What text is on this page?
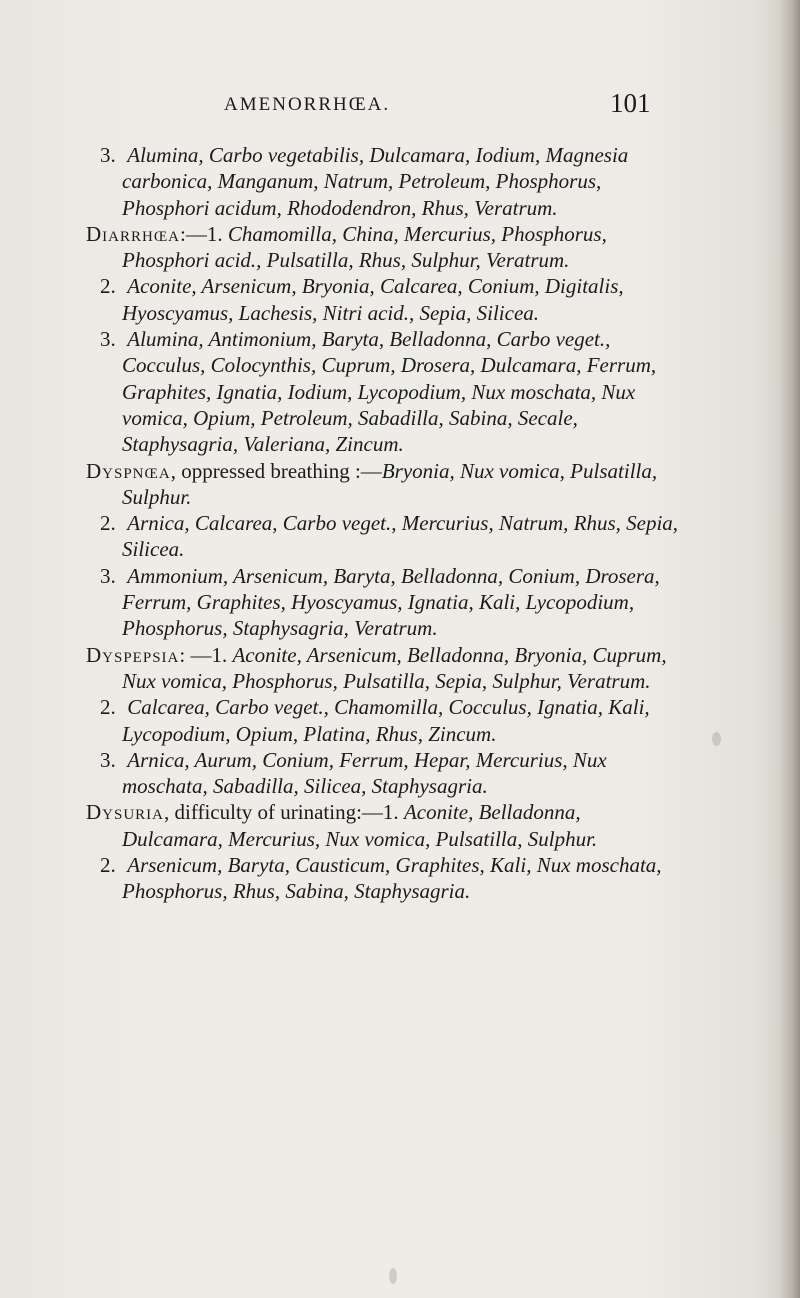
AMENORRHŒA.	101

3. Alumina, Carbo vegetabilis, Dulcamara, Iodium, Magnesia carbonica, Manganum, Natrum, Petroleum, Phosphorus, Phosphori acidum, Rhododendron, Rhus, Veratrum.

Diarrhœa:—1. Chamomilla, China, Mercurius, Phosphorus, Phosphori acid., Pulsatilla, Rhus, Sulphur, Veratrum.

2. Aconite, Arsenicum, Bryonia, Calcarea, Conium, Digitalis, Hyoscyamus, Lachesis, Nitri acid., Sepia, Silicea.

3. Alumina, Antimonium, Baryta, Belladonna, Carbo veget., Cocculus, Colocynthis, Cuprum, Drosera, Dulcamara, Ferrum, Graphites, Ignatia, Iodium, Lycopodium, Nux moschata, Nux vomica, Opium, Petroleum, Sabadilla, Sabina, Secale, Staphysagria, Valeriana, Zincum.

Dyspnœa, oppressed breathing :—Bryonia, Nux vomica, Pulsatilla, Sulphur.

2. Arnica, Calcarea, Carbo veget., Mercurius, Natrum, Rhus, Sepia, Silicea.

3. Ammonium, Arsenicum, Baryta, Belladonna, Conium, Drosera, Ferrum, Graphites, Hyoscyamus, Ignatia, Kali, Lycopodium, Phosphorus, Staphysagria, Veratrum.

Dyspepsia: —1. Aconite, Arsenicum, Belladonna, Bryonia, Cuprum, Nux vomica, Phosphorus, Pulsatilla, Sepia, Sulphur, Veratrum.

2. Calcarea, Carbo veget., Chamomilla, Cocculus, Ignatia, Kali, Lycopodium, Opium, Platina, Rhus, Zincum.

3. Arnica, Aurum, Conium, Ferrum, Hepar, Mercurius, Nux moschata, Sabadilla, Silicea, Staphysagria.

Dysuria, difficulty of urinating:—1. Aconite, Belladonna, Dulcamara, Mercurius, Nux vomica, Pulsatilla, Sulphur.

2. Arsenicum, Baryta, Causticum, Graphites, Kali, Nux moschata, Phosphorus, Rhus, Sabina, Staphysagria.
